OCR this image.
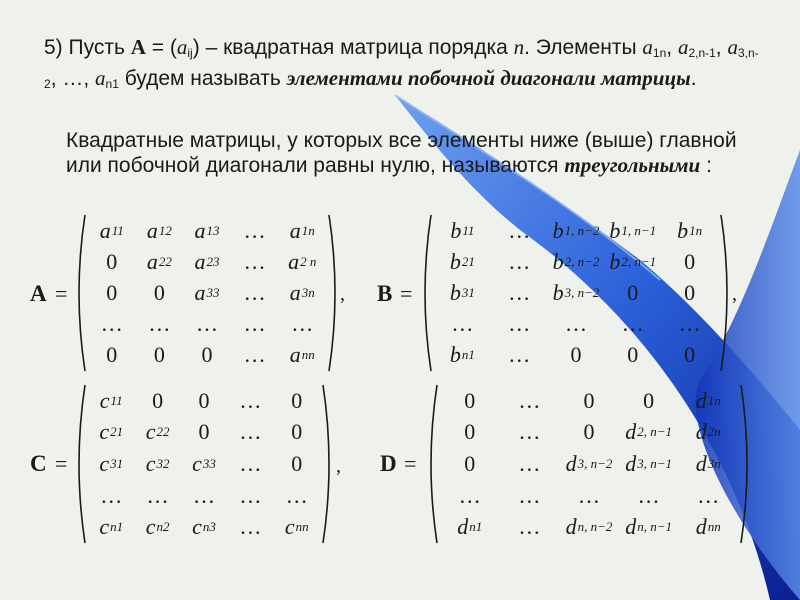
5) Пусть $A = (a_{ij})$ – квадратная матрица порядка n. Элементы $a_{1n}$, $a_{2,n-1}$, $a_{3,n-2}$, …, $a_{n1}$ будем называть элементами побочной диагонали матрицы.

Квадратные матрицы, у которых все элементы ниже (выше) главной или побочной диагонали равны нулю, называются треугольными :

A =
a 11 a 12 a 13 … a 1n
0 a 22 a 23 … a 2 n
0 0 a 33 … a 3n
… … … … …
0 0 0 … a nn
, B =
b 11 … b 1, n−2 b 1, n−1 b 1n
b 21 … b 2, n−2 b 2, n−1 0
b 31 … b 3, n−2 0 0
… … … … …
b n1 … 0 0 0
,
C =
c 11 0 0 … 0
c 21 c 22 0 … 0
c 31 c 32 c 33 … 0
… … … … …
c n1 c n2 c n3 … c nn
, D =
0 … 0 0 d 1n
0 … 0 d 2, n−1 d 2n
0 … d 3, n−2 d 3, n−1 d 3n
… … … … …
d n1 … d n, n−2 d n, n−1 d nn
